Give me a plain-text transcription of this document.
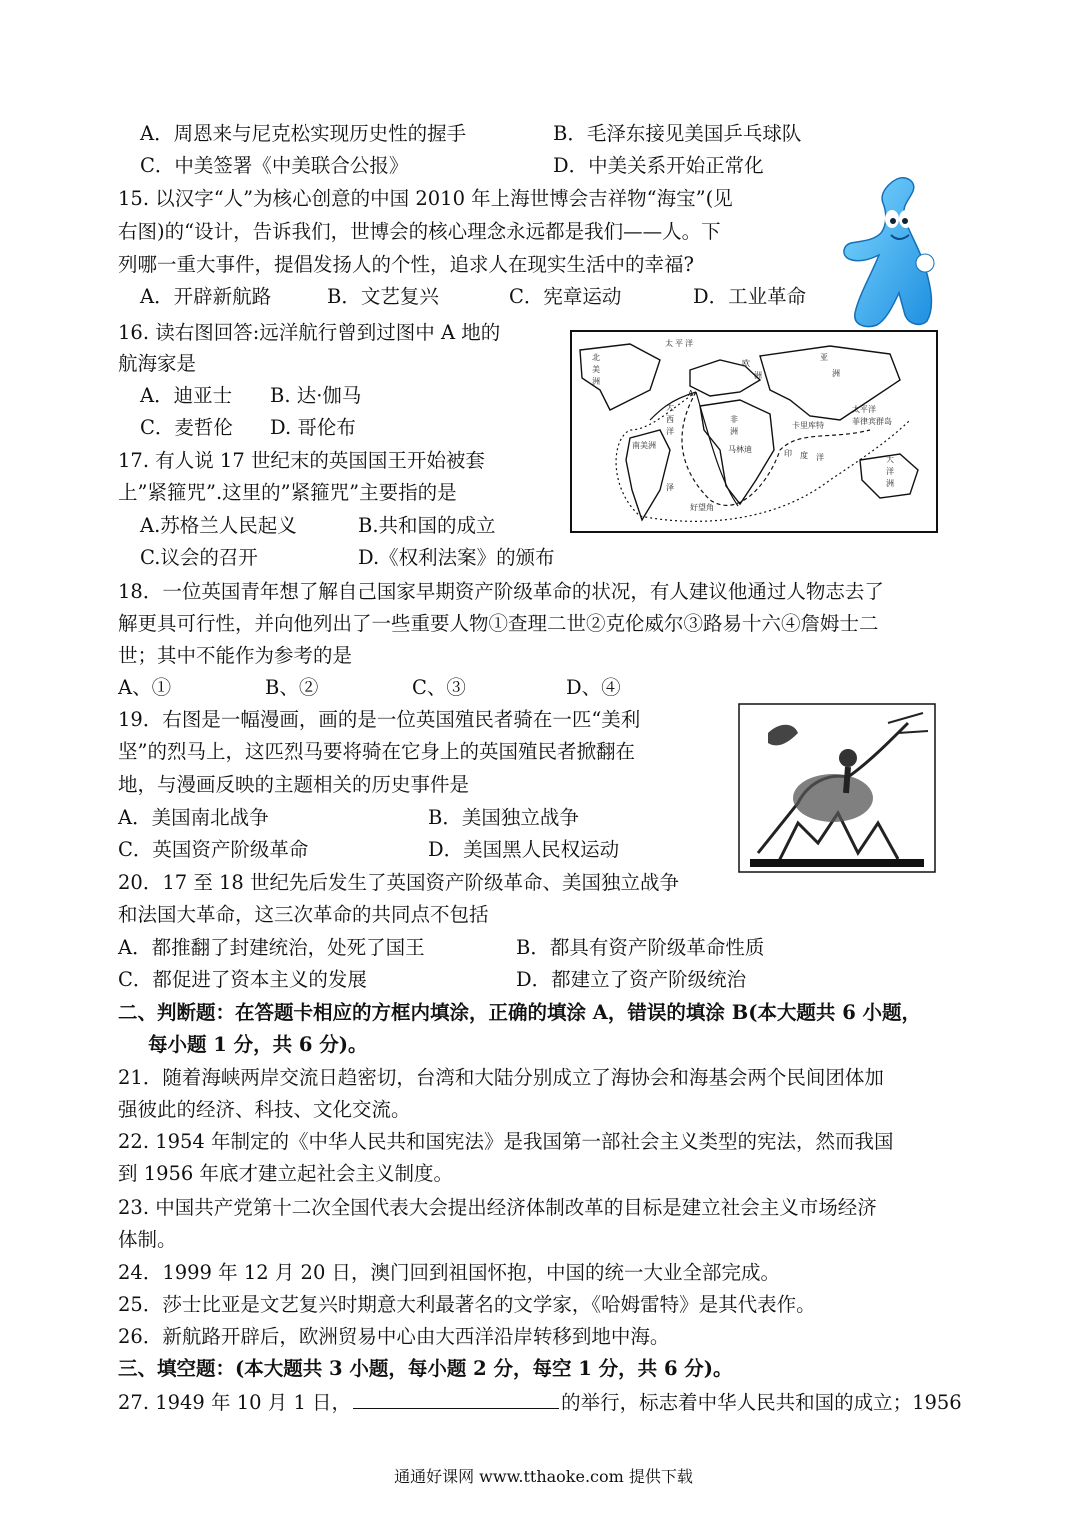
A．周恩来与尼克松实现历史性的握手	B．毛泽东接见美国乒乓球队
C．中美签署《中美联合公报》	D．中美关系开始正常化
15. 以汉字“人”为核心创意的中国 2010 年上海世博会吉祥物“海宝”(见
右图)的“设计，告诉我们，世博会的核心理念永远都是我们——人。下
列哪一重大事件，提倡发扬人的个性，追求人在现实生活中的幸福?
A．开辟新航路	B．文艺复兴	C．宪章运动	D．工业革命
16. 读右图回答:远洋航行曾到过图中 A 地的
航海家是
A．迪亚士 B. 达·伽马
C．麦哲伦 D. 哥伦布
北
美
洲
太 平 洋
欧
洲
亚
洲
非
洲
大
西
洋
南美洲
印 度 洋	大
洋
洲
好望角
马林迪
太平洋
菲律宾群岛
卡里库特
A
泽
17. 有人说 17 世纪末的英国国王开始被套
上”紧箍咒”.这里的”紧箍咒”主要指的是
A.苏格兰人民起义	B.共和国的成立
C.议会的召开	D.《权利法案》的颁布
18．一位英国青年想了解自己国家早期资产阶级革命的状况，有人建议他通过人物志去了
解更具可行性，并向他列出了一些重要人物①查理二世②克伦威尔③路易十六④詹姆士二
世；其中不能作为参考的是
A、①	B、②	C、③	D、④
19．右图是一幅漫画，画的是一位英国殖民者骑在一匹“美利
坚”的烈马上，这匹烈马要将骑在它身上的英国殖民者掀翻在
地，与漫画反映的主题相关的历史事件是
A．美国南北战争	B．美国独立战争
C．英国资产阶级革命	D．美国黑人民权运动
20．17 至 18 世纪先后发生了英国资产阶级革命、美国独立战争
和法国大革命，这三次革命的共同点不包括
A．都推翻了封建统治，处死了国王	B．都具有资产阶级革命性质
C．都促进了资本主义的发展	D．都建立了资产阶级统治
二、判断题：在答题卡相应的方框内填涂，正确的填涂 A，错误的填涂 B(本大题共 6 小题，
每小题 1 分，共 6 分)。
21．随着海峡两岸交流日趋密切，台湾和大陆分别成立了海协会和海基会两个民间团体加
强彼此的经济、科技、文化交流。
22. 1954 年制定的《中华人民共和国宪法》是我国第一部社会主义类型的宪法，然而我国
到 1956 年底才建立起社会主义制度。
23. 中国共产党第十二次全国代表大会提出经济体制改革的目标是建立社会主义市场经济
体制。
24．1999 年 12 月 20 日，澳门回到祖国怀抱，中国的统一大业全部完成。
25．莎士比亚是文艺复兴时期意大利最著名的文学家，《哈姆雷特》是其代表作。
26．新航路开辟后，欧洲贸易中心由大西洋沿岸转移到地中海。
三、填空题：(本大题共 3 小题，每小题 2 分，每空 1 分，共 6 分)。
27. 1949 年 10 月 1 日，	的举行，标志着中华人民共和国的成立；1956
通通好课网 www.tthaoke.com 提供下载
